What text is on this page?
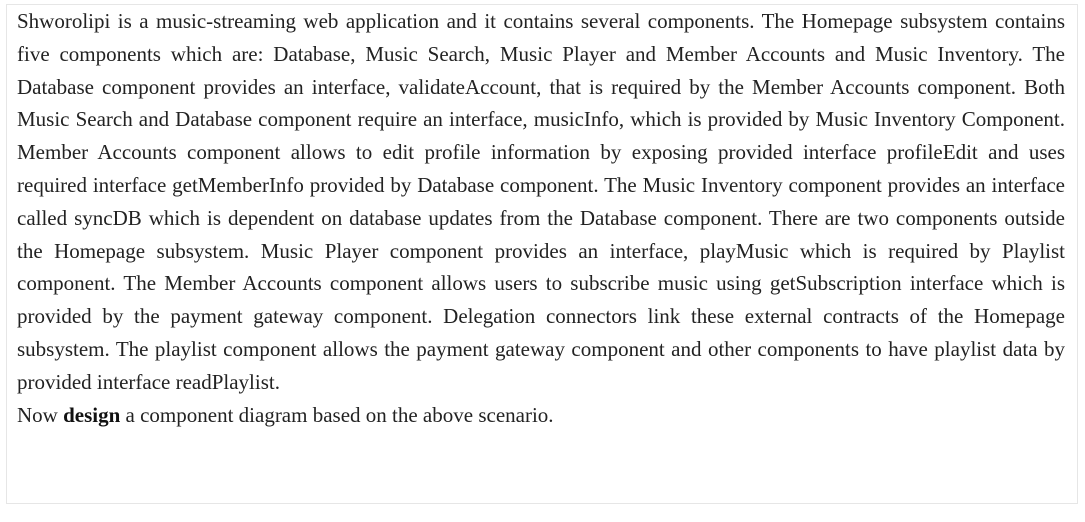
Shworolipi is a music-streaming web application and it contains several components. The Homepage subsystem contains five components which are: Database, Music Search, Music Player and Member Accounts and Music Inventory. The Database component provides an interface, validateAccount, that is required by the Member Accounts component. Both Music Search and Database component require an interface, musicInfo, which is provided by Music Inventory Component. Member Accounts component allows to edit profile information by exposing provided interface profileEdit and uses required interface getMemberInfo provided by Database component. The Music Inventory component provides an interface called syncDB which is dependent on database updates from the Database component. There are two components outside the Homepage subsystem. Music Player component provides an interface, playMusic which is required by Playlist component. The Member Accounts component allows users to subscribe music using getSubscription interface which is provided by the payment gateway component. Delegation connectors link these external contracts of the Homepage subsystem. The playlist component allows the payment gateway component and other components to have playlist data by provided interface readPlaylist.

Now design a component diagram based on the above scenario.
